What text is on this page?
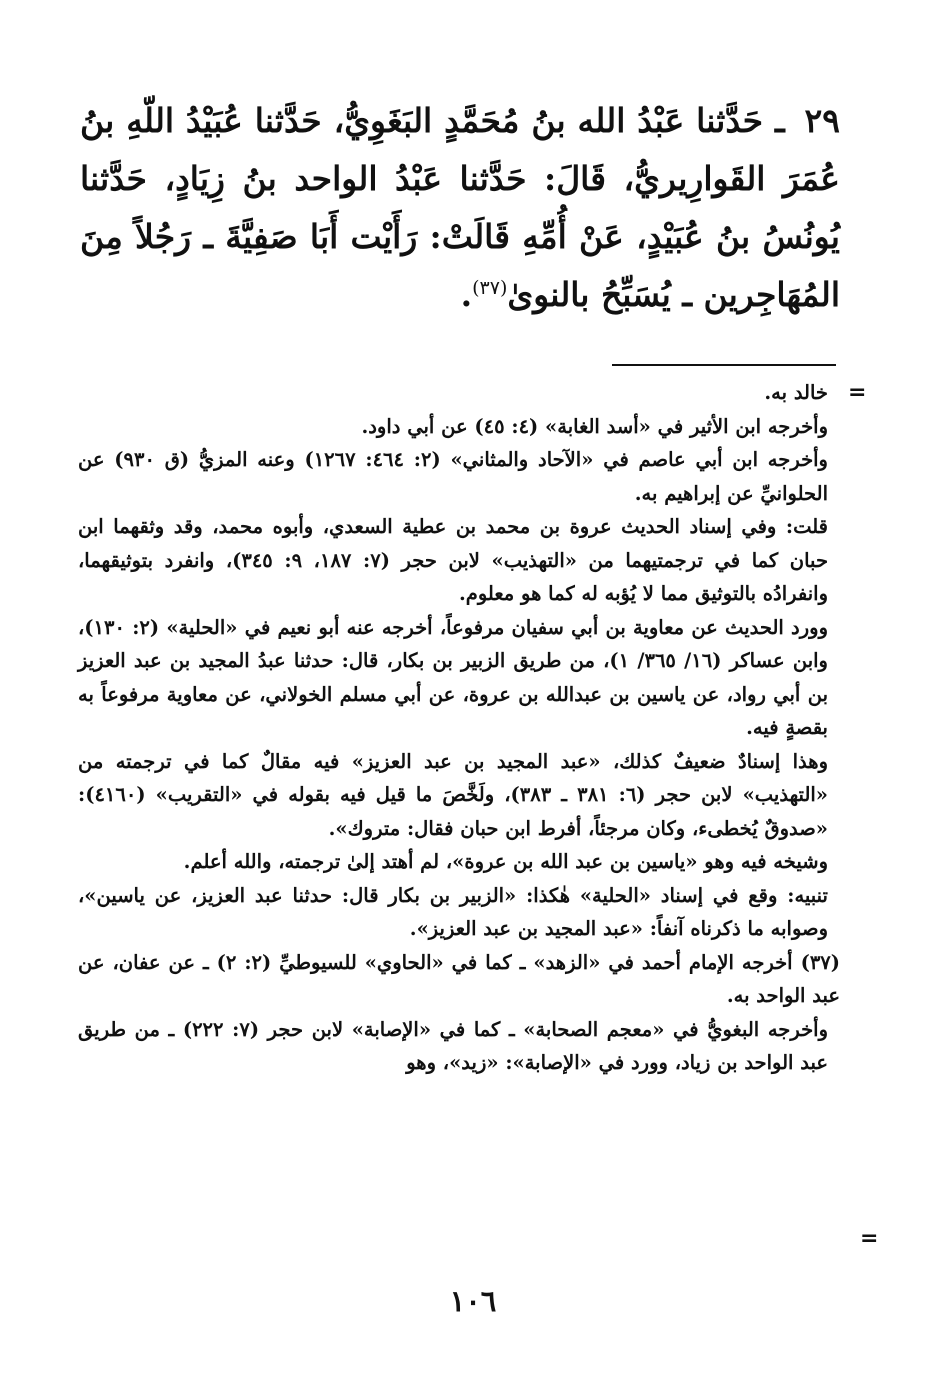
٢٩ ـ حَدَّثنا عَبْدُ الله بنُ مُحَمَّدٍ البَغَوِيُّ، حَدَّثنا عُبَيْدُ اللّهِ بنُ عُمَرَ القَوارِيريُّ، قَالَ: حَدَّثنا عَبْدُ الواحد بنُ زِيَادٍ، حَدَّثنا يُونُسُ بنُ عُبَيْدٍ، عَنْ أُمِّهِ قَالَتْ: رَأَيْت أَبَا صَفِيَّةَ ـ رَجُلاً مِنَ المُهَاجِرين ـ يُسَبِّحُ بالنوىٰ$^{(٣٧)}$.
=

خالد به.

وأخرجه ابن الأثير في «أسد الغابة» (٤: ٤٥) عن أبي داود.

وأخرجه ابن أبي عاصم في «الآحاد والمثاني» (٢: ٤٦٤: ١٢٦٧) وعنه المزيُّ (ق ٩٣٠) عن الحلوانيِّ عن إبراهيم به.

قلت: وفي إسناد الحديث عروة بن محمد بن عطية السعدي، وأبوه محمد، وقد وثقهما ابن حبان كما في ترجمتيهما من «التهذيب» لابن حجر (٧: ١٨٧، ٩: ٣٤٥)، وانفرد بتوثيقهما، وانفرادُه بالتوثيق مما لا يُؤبه له كما هو معلوم.

وورد الحديث عن معاوية بن أبي سفيان مرفوعاً، أخرجه عنه أبو نعيم في «الحلية» (٢: ١٣٠)، وابن عساكر (١٦/ ٣٦٥/ ١)، من طريق الزبير بن بكار، قال: حدثنا عبدُ المجيد بن عبد العزيز بن أبي رواد، عن ياسين بن عبدالله بن عروة، عن أبي مسلم الخولاني، عن معاوية مرفوعاً به بقصةٍ فيه.

وهذا إسنادٌ ضعيفٌ كذلك، «عبد المجيد بن عبد العزيز» فيه مقالٌ كما في ترجمته من «التهذيب» لابن حجر (٦: ٣٨١ ـ ٣٨٣)، ولَخَّصَ ما قيل فيه بقوله في «التقريب» (٤١٦٠): «صدوقٌ يُخطىء، وكان مرجئاً، أفرط ابن حبان فقال: متروك».

وشيخه فيه وهو «ياسين بن عبد الله بن عروة»، لم أهتد إلىٰ ترجمته، والله أعلم.

تنبيه: وقع في إسناد «الحلية» هٰكذا: «الزبير بن بكار قال: حدثنا عبد العزيز، عن ياسين»، وصوابه ما ذكرناه آنفاً: «عبد المجيد بن عبد العزيز».

(٣٧) أخرجه الإمام أحمد في «الزهد» ـ كما في «الحاوي» للسيوطيِّ (٢: ٢) ـ عن عفان، عن عبد الواحد به.

وأخرجه البغويُّ في «معجم الصحابة» ـ كما في «الإصابة» لابن حجر (٧: ٢٢٢) ـ من طريق عبد الواحد بن زياد، وورد في «الإصابة»: «زيد»، وهو

=
١٠٦
